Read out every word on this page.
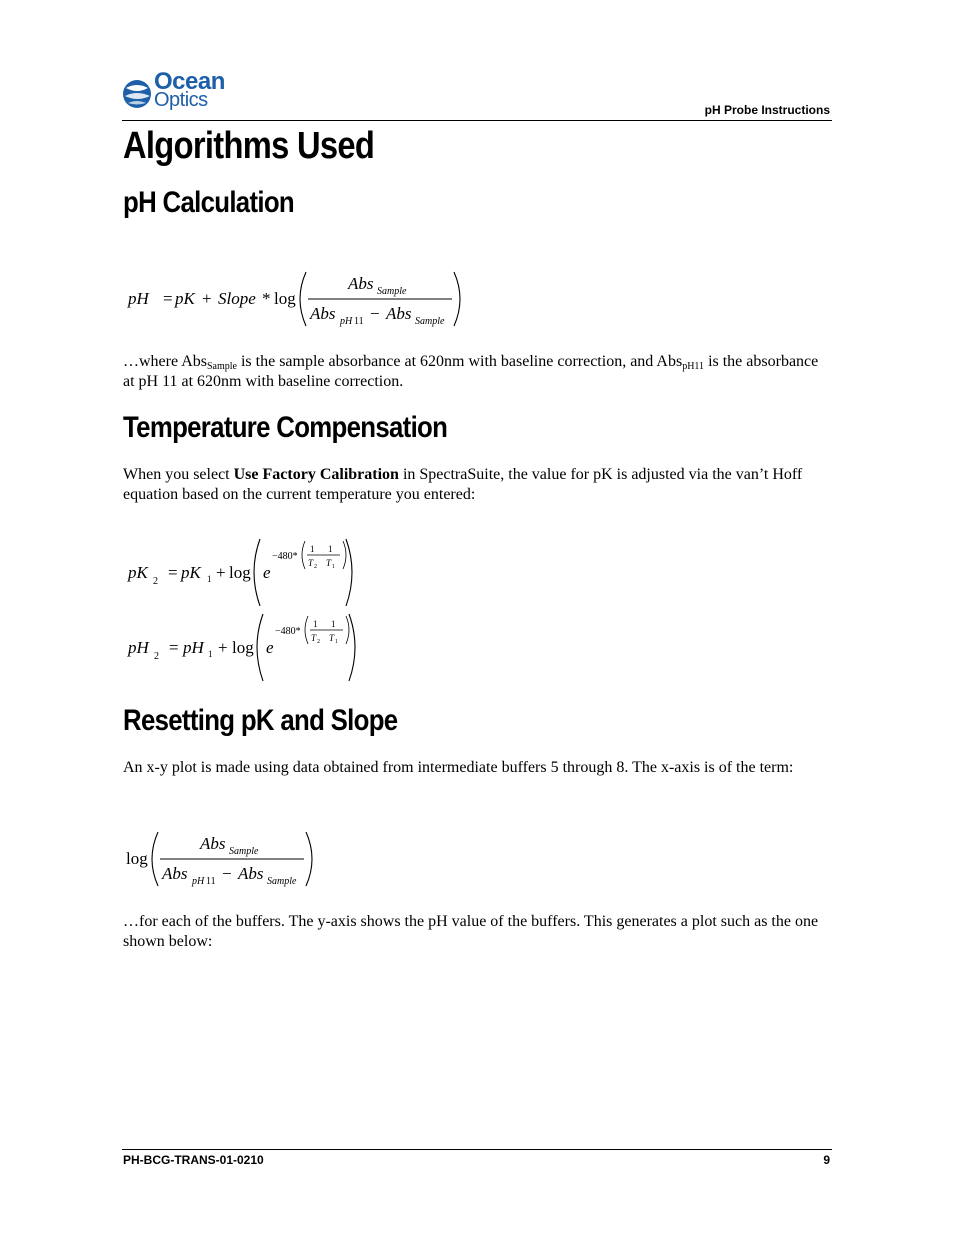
Ocean
Optics	pH Probe Instructions
Algorithms Used
pH Calculation
pH = pK + Slope * log
Abs Sample
Abs pH 11 − Abs Sample

…where Abs$_{Sample}$ is the sample absorbance at 620nm with baseline correction, and Abs$_{pH11}$ is the absorbance at pH 11 at 620nm with baseline correction.

Temperature Compensation

When you select Use Factory Calibration in SpectraSuite, the value for pK is adjusted via the van’t Hoff equation based on the current temperature you entered:

pK 2 = pK 1 + log e
−480*
1 1
T 2 T 1
pH 2 = pH 1 + log e
−480*
1 1
T 2 T 1
Resetting pK and Slope

An x-y plot is made using data obtained from intermediate buffers 5 through 8. The x-axis is of the term:

log
Abs Sample
Abs pH 11 − Abs Sample

…for each of the buffers. The y-axis shows the pH value of the buffers. This generates a plot such as the one shown below:

PH-BCG-TRANS-01-0210	9
